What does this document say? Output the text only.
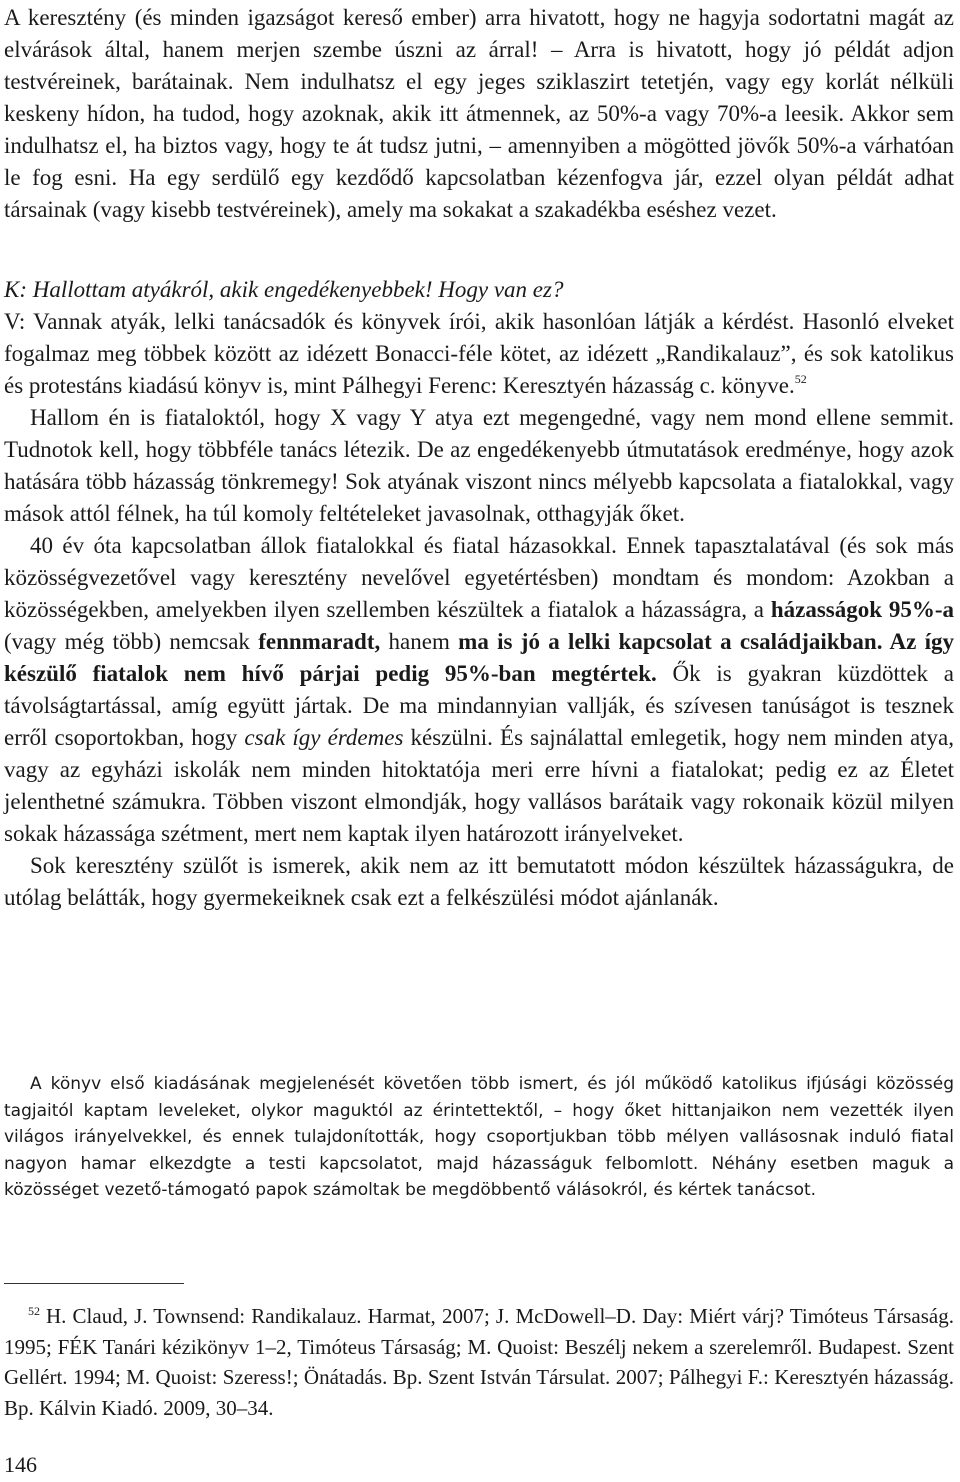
A keresztény (és minden igazságot kereső ember) arra hivatott, hogy ne hagyja sodortatni magát az elvárások által, hanem merjen szembe úszni az árral! – Arra is hivatott, hogy jó példát adjon testvéreinek, barátainak. Nem indulhatsz el egy jeges sziklaszirt tetetjén, vagy egy korlát nélküli keskeny hídon, ha tudod, hogy azoknak, akik itt átmennek, az 50%-a vagy 70%-a leesik. Akkor sem indulhatsz el, ha biztos vagy, hogy te át tudsz jutni, – amennyiben a mögötted jövők 50%-a várhatóan le fog esni. Ha egy serdülő egy kezdődő kapcsolatban kézenfogva jár, ezzel olyan példát adhat társainak (vagy kisebb testvéreinek), amely ma sokakat a szakadékba eséshez vezet.

K: Hallottam atyákról, akik engedékenyebbek! Hogy van ez?

V: Vannak atyák, lelki tanácsadók és könyvek írói, akik hasonlóan látják a kérdést. Hasonló elveket fogalmaz meg többek között az idézett Bonacci-féle kötet, az idézett „Randikalauz”, és sok katolikus és protestáns kiadású könyv is, mint Pálhegyi Ferenc: Keresztyén házasság c. könyve.$^{52}$

Hallom én is fiataloktól, hogy X vagy Y atya ezt megengedné, vagy nem mond ellene semmit. Tudnotok kell, hogy többféle tanács létezik. De az engedékenyebb útmutatások eredménye, hogy azok hatására több házasság tönkremegy! Sok atyának viszont nincs mélyebb kapcsolata a fiatalokkal, vagy mások attól félnek, ha túl komoly feltételeket javasolnak, otthagyják őket.

40 év óta kapcsolatban állok fiatalokkal és fiatal házasokkal. Ennek tapasztalatával (és sok más közösségvezetővel vagy keresztény nevelővel egyetértésben) mondtam és mondom: Azokban a közösségekben, amelyekben ilyen szellemben készültek a fiatalok a házasságra, a házasságok 95%-a (vagy még több) nemcsak fennmaradt, hanem ma is jó a lelki kapcsolat a családjaikban. Az így készülő fiatalok nem hívő párjai pedig 95%-ban megtértek. Ők is gyakran küzdöttek a távolságtartással, amíg együtt jártak. De ma mindannyian vallják, és szívesen tanúságot is tesznek erről csoportokban, hogy csak így érdemes készülni. És sajnálattal emlegetik, hogy nem minden atya, vagy az egyházi iskolák nem minden hitoktatója meri erre hívni a fiatalokat; pedig ez az Életet jelenthetné számukra. Többen viszont elmondják, hogy vallásos barátaik vagy rokonaik közül milyen sokak házassága szétment, mert nem kaptak ilyen határozott irányelveket.

Sok keresztény szülőt is ismerek, akik nem az itt bemutatott módon készültek házasságukra, de utólag belátták, hogy gyermekeiknek csak ezt a felkészülési módot ajánlanák.

A könyv első kiadásának megjelenését követően több ismert, és jól működő katolikus ifjúsági közösség tagjaitól kaptam leveleket, olykor maguktól az érintettektől, – hogy őket hittanjaikon nem vezették ilyen világos irányelvekkel, és ennek tulajdonították, hogy csoportjukban több mélyen vallásosnak induló fiatal nagyon hamar elkezdgte a testi kapcsolatot, majd házasságuk felbomlott. Néhány esetben maguk a közösséget vezető-támogató papok számoltak be megdöbbentő válásokról, és kértek tanácsot.

$^{52}$ H. Claud, J. Townsend: Randikalauz. Harmat, 2007; J. McDowell–D. Day: Miért várj? Timóteus Társaság. 1995; FÉK Tanári kézikönyv 1–2, Timóteus Társaság; M. Quoist: Beszélj nekem a szerelemről. Budapest. Szent Gellért. 1994; M. Quoist: Szeress!; Önátadás. Bp. Szent István Társulat. 2007; Pálhegyi F.: Keresztyén házasság. Bp. Kálvin Kiadó. 2009, 30–34.

146
